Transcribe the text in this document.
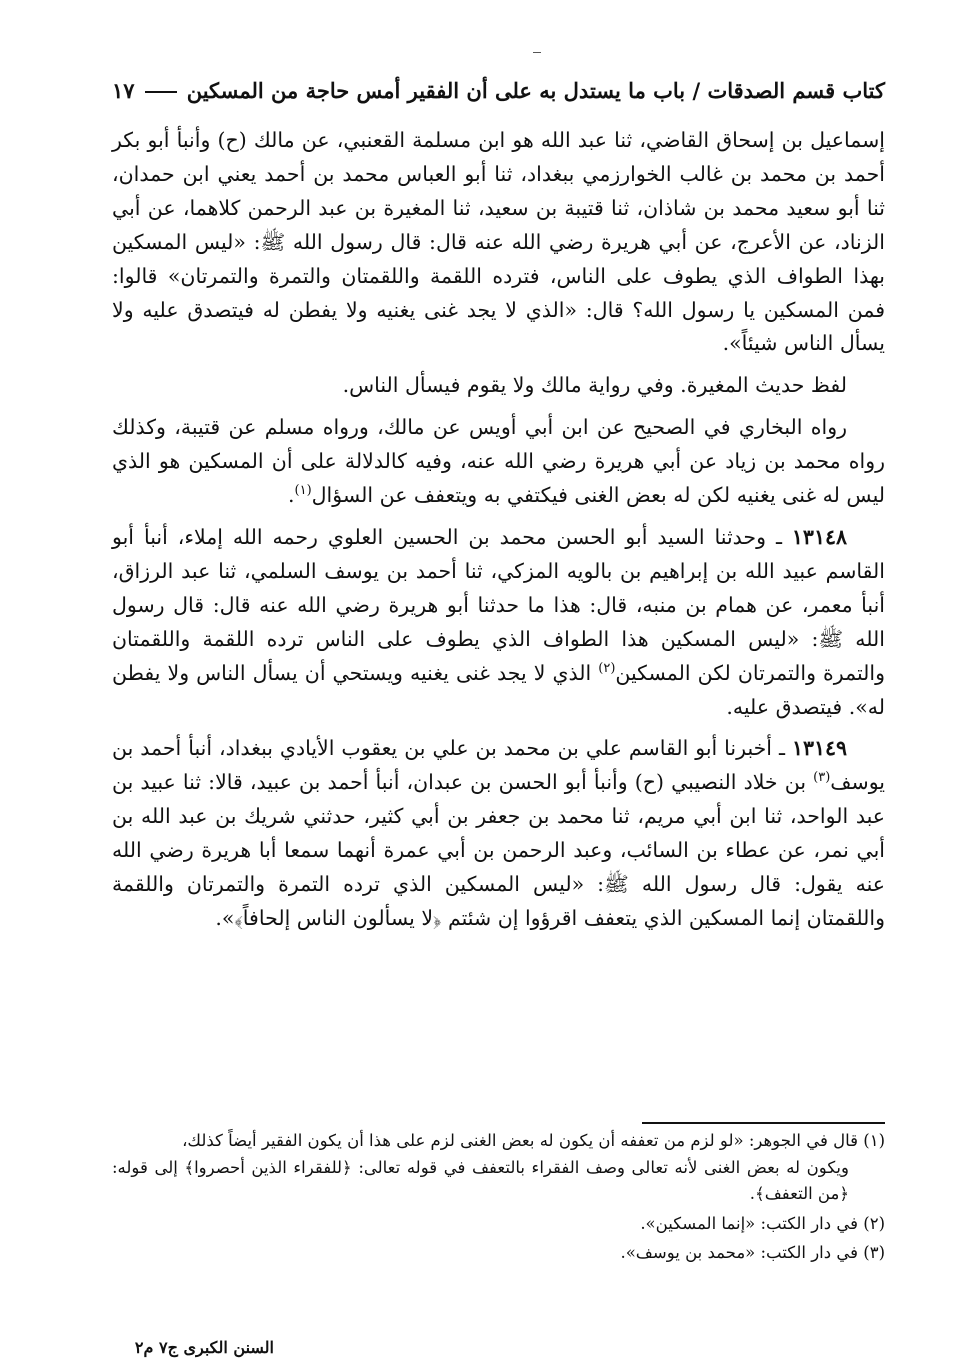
كتاب قسم الصدقات / باب ما يستدل به على أن الفقير أمس حاجة من المسكين
١٧

إسماعيل بن إسحاق القاضي، ثنا عبد الله هو ابن مسلمة القعنبي، عن مالك (ح) وأنبأ أبو بكر أحمد بن محمد بن غالب الخوارزمي ببغداد، ثنا أبو العباس محمد بن أحمد يعني ابن حمدان، ثنا أبو سعيد محمد بن شاذان، ثنا قتيبة بن سعيد، ثنا المغيرة بن عبد الرحمن كلاهما، عن أبي الزناد، عن الأعرج، عن أبي هريرة رضي الله عنه قال: قال رسول الله ﷺ: «ليس المسكين بهذا الطواف الذي يطوف على الناس، فترده اللقمة واللقمتان والتمرة والتمرتان» قالوا: فمن المسكين يا رسول الله؟ قال: «الذي لا يجد غنى يغنيه ولا يفطن له فيتصدق عليه ولا يسأل الناس شيئاً».

لفظ حديث المغيرة. وفي رواية مالك ولا يقوم فيسأل الناس.

رواه البخاري في الصحيح عن ابن أبي أويس عن مالك، ورواه مسلم عن قتيبة، وكذلك رواه محمد بن زياد عن أبي هريرة رضي الله عنه، وفيه كالدلالة على أن المسكين هو الذي ليس له غنى يغنيه لكن له بعض الغنى فيكتفي به ويتعفف عن السؤال$^{(١)}$.

١٣١٤٨ ـ وحدثنا السيد أبو الحسن محمد بن الحسين العلوي رحمه الله إملاء، أنبأ أبو القاسم عبيد الله بن إبراهيم بن بالويه المزكي، ثنا أحمد بن يوسف السلمي، ثنا عبد الرزاق، أنبأ معمر، عن همام بن منبه، قال: هذا ما حدثنا أبو هريرة رضي الله عنه قال: قال رسول الله ﷺ: «ليس المسكين هذا الطواف الذي يطوف على الناس ترده اللقمة واللقمتان والتمرة والتمرتان لكن المسكين$^{(٢)}$ الذي لا يجد غنى يغنيه ويستحي أن يسأل الناس ولا يفطن له». فيتصدق عليه.

١٣١٤٩ ـ أخبرنا أبو القاسم علي بن محمد بن علي بن يعقوب الأيادي ببغداد، أنبأ أحمد بن يوسف$^{(٣)}$ بن خلاد النصيبي (ح) وأنبأ أبو الحسن بن عبدان، أنبأ أحمد بن عبيد، قالا: ثنا عبيد بن عبد الواحد، ثنا ابن أبي مريم، ثنا محمد بن جعفر بن أبي كثير، حدثني شريك بن عبد الله بن أبي نمر، عن عطاء بن السائب، وعبد الرحمن بن أبي عمرة أنهما سمعا أبا هريرة رضي الله عنه يقول: قال رسول الله ﷺ: «ليس المسكين الذي ترده التمرة والتمرتان واللقمة واللقمتان إنما المسكين الذي يتعفف اقرؤوا إن شئتم ﴿لا يسألون الناس إلحافاً﴾».

(١) قال في الجوهر: «لو لزم من تعففه أن يكون له بعض الغنى لزم على هذا أن يكون الفقير أيضاً كذلك،
ويكون له بعض الغنى لأنه تعالى وصف الفقراء بالتعفف في قوله تعالى: ﴿للفقراء الذين أحصروا﴾ إلى قوله: ﴿من التعفف﴾.
(٢) في دار الكتب: «إنما المسكين».
(٣) في دار الكتب: «محمد بن يوسف».
السنن الكبرى ج٧ م٢
